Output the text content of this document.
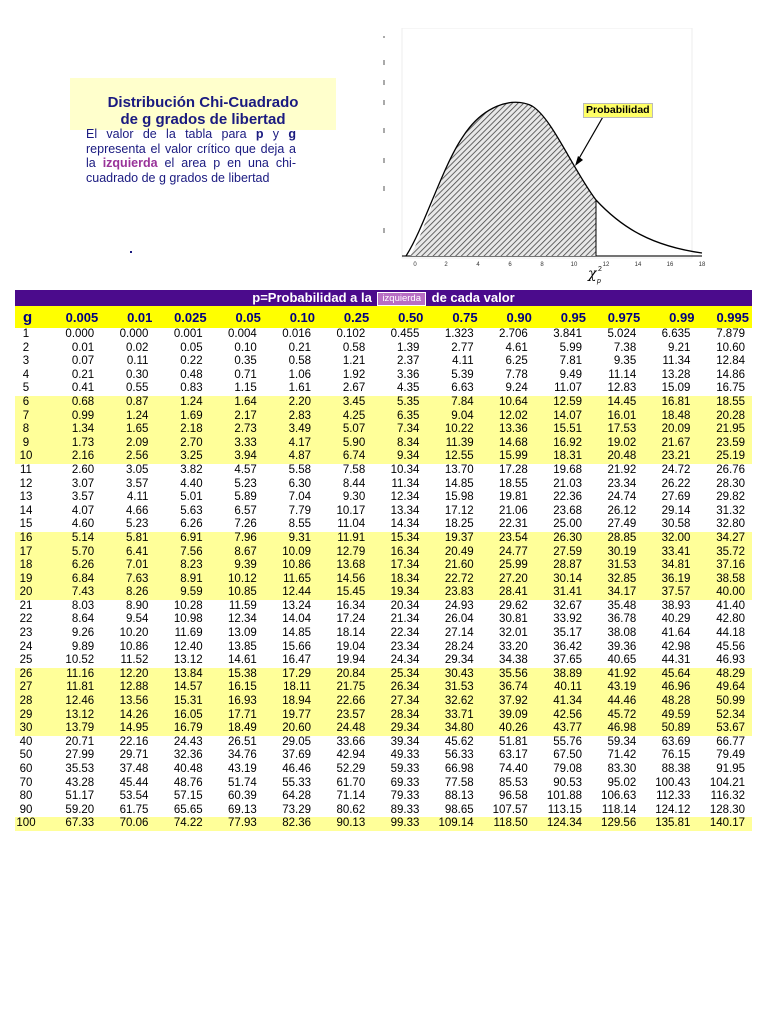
Distribución Chi-Cuadrado
de g grados de libertad
El valor de la tabla para p y g representa el valor crítico que deja a la izquierda el area p en una chi-cuadrado de g grados de libertad
0	2	4	6	8	10	12	14	16	18
χ 2
p
Probabilidad
p=Probabilidad a la izquierda de cada valor													
g	0.005	0.01	0.025	0.05	0.10	0.25	0.50	0.75	0.90	0.95	0.975	0.99	0.995
1	0.000	0.000	0.001	0.004	0.016	0.102	0.455	1.323	2.706	3.841	5.024	6.635	7.879
2	0.01	0.02	0.05	0.10	0.21	0.58	1.39	2.77	4.61	5.99	7.38	9.21	10.60
3	0.07	0.11	0.22	0.35	0.58	1.21	2.37	4.11	6.25	7.81	9.35	11.34	12.84
4	0.21	0.30	0.48	0.71	1.06	1.92	3.36	5.39	7.78	9.49	11.14	13.28	14.86
5	0.41	0.55	0.83	1.15	1.61	2.67	4.35	6.63	9.24	11.07	12.83	15.09	16.75
6	0.68	0.87	1.24	1.64	2.20	3.45	5.35	7.84	10.64	12.59	14.45	16.81	18.55
7	0.99	1.24	1.69	2.17	2.83	4.25	6.35	9.04	12.02	14.07	16.01	18.48	20.28
8	1.34	1.65	2.18	2.73	3.49	5.07	7.34	10.22	13.36	15.51	17.53	20.09	21.95
9	1.73	2.09	2.70	3.33	4.17	5.90	8.34	11.39	14.68	16.92	19.02	21.67	23.59
10	2.16	2.56	3.25	3.94	4.87	6.74	9.34	12.55	15.99	18.31	20.48	23.21	25.19
11	2.60	3.05	3.82	4.57	5.58	7.58	10.34	13.70	17.28	19.68	21.92	24.72	26.76
12	3.07	3.57	4.40	5.23	6.30	8.44	11.34	14.85	18.55	21.03	23.34	26.22	28.30
13	3.57	4.11	5.01	5.89	7.04	9.30	12.34	15.98	19.81	22.36	24.74	27.69	29.82
14	4.07	4.66	5.63	6.57	7.79	10.17	13.34	17.12	21.06	23.68	26.12	29.14	31.32
15	4.60	5.23	6.26	7.26	8.55	11.04	14.34	18.25	22.31	25.00	27.49	30.58	32.80
16	5.14	5.81	6.91	7.96	9.31	11.91	15.34	19.37	23.54	26.30	28.85	32.00	34.27
17	5.70	6.41	7.56	8.67	10.09	12.79	16.34	20.49	24.77	27.59	30.19	33.41	35.72
18	6.26	7.01	8.23	9.39	10.86	13.68	17.34	21.60	25.99	28.87	31.53	34.81	37.16
19	6.84	7.63	8.91	10.12	11.65	14.56	18.34	22.72	27.20	30.14	32.85	36.19	38.58
20	7.43	8.26	9.59	10.85	12.44	15.45	19.34	23.83	28.41	31.41	34.17	37.57	40.00
21	8.03	8.90	10.28	11.59	13.24	16.34	20.34	24.93	29.62	32.67	35.48	38.93	41.40
22	8.64	9.54	10.98	12.34	14.04	17.24	21.34	26.04	30.81	33.92	36.78	40.29	42.80
23	9.26	10.20	11.69	13.09	14.85	18.14	22.34	27.14	32.01	35.17	38.08	41.64	44.18
24	9.89	10.86	12.40	13.85	15.66	19.04	23.34	28.24	33.20	36.42	39.36	42.98	45.56
25	10.52	11.52	13.12	14.61	16.47	19.94	24.34	29.34	34.38	37.65	40.65	44.31	46.93
26	11.16	12.20	13.84	15.38	17.29	20.84	25.34	30.43	35.56	38.89	41.92	45.64	48.29
27	11.81	12.88	14.57	16.15	18.11	21.75	26.34	31.53	36.74	40.11	43.19	46.96	49.64
28	12.46	13.56	15.31	16.93	18.94	22.66	27.34	32.62	37.92	41.34	44.46	48.28	50.99
29	13.12	14.26	16.05	17.71	19.77	23.57	28.34	33.71	39.09	42.56	45.72	49.59	52.34
30	13.79	14.95	16.79	18.49	20.60	24.48	29.34	34.80	40.26	43.77	46.98	50.89	53.67
40	20.71	22.16	24.43	26.51	29.05	33.66	39.34	45.62	51.81	55.76	59.34	63.69	66.77
50	27.99	29.71	32.36	34.76	37.69	42.94	49.33	56.33	63.17	67.50	71.42	76.15	79.49
60	35.53	37.48	40.48	43.19	46.46	52.29	59.33	66.98	74.40	79.08	83.30	88.38	91.95
70	43.28	45.44	48.76	51.74	55.33	61.70	69.33	77.58	85.53	90.53	95.02	100.43	104.21
80	51.17	53.54	57.15	60.39	64.28	71.14	79.33	88.13	96.58	101.88	106.63	112.33	116.32
90	59.20	61.75	65.65	69.13	73.29	80.62	89.33	98.65	107.57	113.15	118.14	124.12	128.30
100	67.33	70.06	74.22	77.93	82.36	90.13	99.33	109.14	118.50	124.34	129.56	135.81	140.17
